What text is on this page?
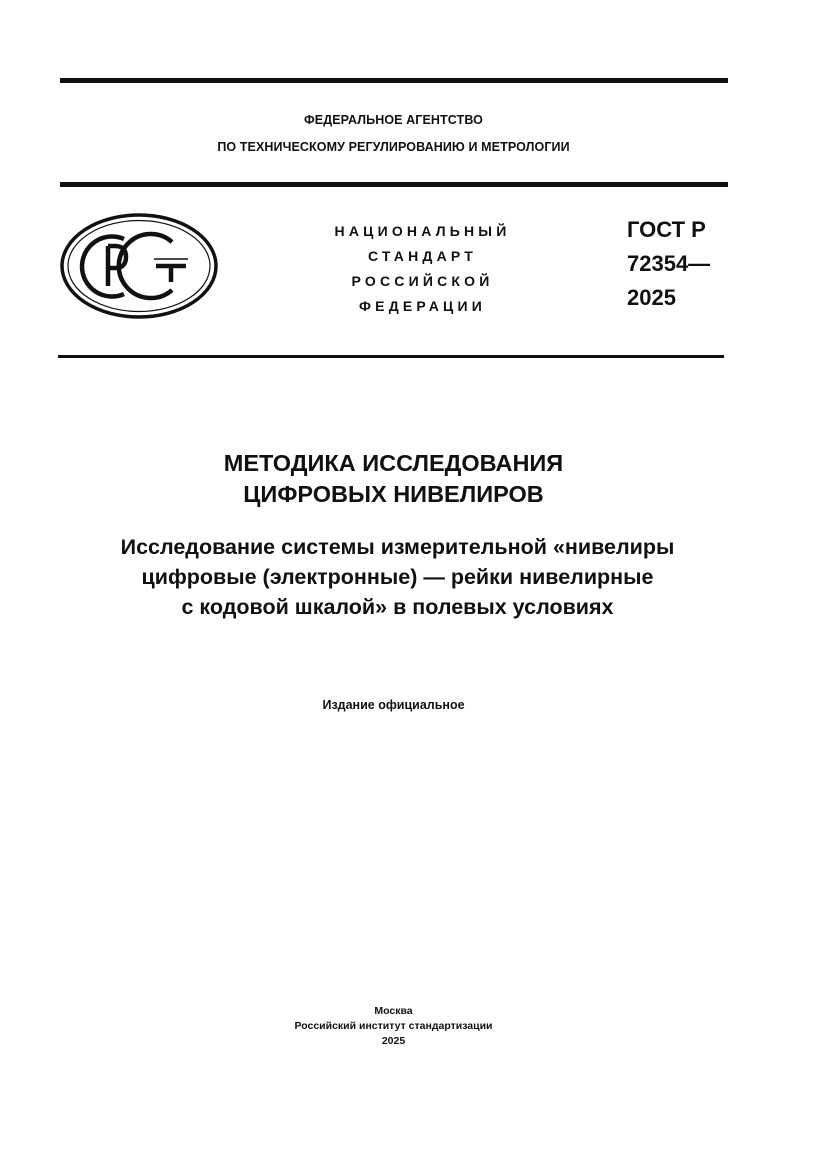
ФЕДЕРАЛЬНОЕ АГЕНТСТВО
ПО ТЕХНИЧЕСКОМУ РЕГУЛИРОВАНИЮ И МЕТРОЛОГИИ
НАЦИОНАЛЬНЫЙ
СТАНДАРТ
РОССИЙСКОЙ
ФЕДЕРАЦИИ
ГОСТ Р
72354—
2025
МЕТОДИКА ИССЛЕДОВАНИЯ
ЦИФРОВЫХ НИВЕЛИРОВ
Исследование системы измерительной «нивелиры
цифровые (электронные) — рейки нивелирные
с кодовой шкалой» в полевых условиях
Издание официальное
Москва
Российский институт стандартизации
2025
